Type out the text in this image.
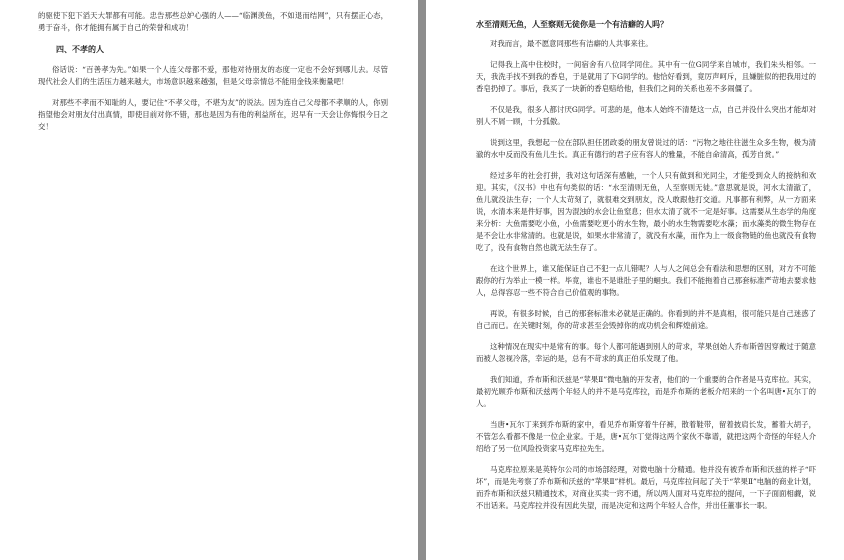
的驱使下犯下滔天大罪都有可能。忠告那些总妒心强的人——“临渊羡鱼，不如退而结网”，只有摆正心态，勇于奋斗，你才能拥有属于自己的荣誉和成功！

四、不孝的人

俗话说：“百善孝为先。”如果一个人连父母都不爱，那他对待朋友的态度一定也不会好到哪儿去。尽管现代社会人们的生活压力越来越大，市场意识越来越强，但是父母亲情总不能用金钱来衡量吧！

对那些不孝而不知耻的人，要记住“不孝父母，不堪为友”的说法。因为连自己父母都不孝顺的人，你别指望他会对朋友付出真情，即使目前对你不错，那也是因为有他的利益所在，迟早有一天会让你悔恨今日之交！

水至清则无鱼，人至察则无徒你是一个有洁癖的人吗？

对我而言，最不愿意同那些有洁癖的人共事来往。

记得我上高中住校时，一间宿舍有八位同学同住。其中有一位G同学来自城市，我们朱头相邻。一天，我洗手找不到我的香皂，于是就用了下G同学的。他恰好看到，竟厉声呵斥，且嫌脏似的把我用过的香皂扔掉了。事后，我买了一块新的香皂赔给他，但我们之间的关系也差不多闹僵了。

不仅是我，很多人都讨厌G同学。可悲的是，他本人始终不清楚这一点，自己并没什么突出才能却对别人不屑一顾，十分孤傲。

说到这里，我想起一位在部队担任团政委的朋友曾说过的话：“污物之地往往滋生众多生物，极为清澈的水中反而没有鱼儿生长。真正有德行的君子应有容人的雅量，不能自命清高，孤芳自赏。”

经过多年的社会打拼，我对这句话深有感触，一个人只有做到和光同尘，才能受到众人的接纳和欢迎。其实，《汉书》中也有句类似的话：“水至清则无鱼，人至察则无徒。”意思就是说，河水太清澈了，鱼儿就没法生存；一个人太苛刻了，就很难交到朋友，没人敢跟他打交道。凡事都有利弊，从一方面来说，水清本来是件好事，因为混浊的水会让鱼窒息；但水太清了就不一定是好事。这需要从生态学的角度来分析：大鱼需要吃小鱼，小鱼需要吃更小的水生物，最小的水生物需要吃水藻；而水藻类的微生物存在是不会让水非常清的。也就是说，如果水非常清了，就没有水藻，而作为上一级食物链的鱼也就没有食物吃了，没有食物自然也就无法生存了。

在这个世界上，谁又能保证自己不犯一点儿错呢？人与人之间总会有看法和思想的区别，对方不可能跟你的行为举止一模一样。毕竟，谁也不是谁肚子里的蛔虫。我们不能拖着自己那套标准严苛地去要求他人，总得容忍一些不符合自己价值观的事物。

再说，有很多时候，自己的那套标准未必就是正确的。你看到的并不是真相，很可能只是自己迷惑了自己而已。在关键时刻，你的苛求甚至会毁掉你的成功机会和辉煌前途。

这种情况在现实中是常有的事。每个人都可能遇到别人的苛求，苹果创始人乔布斯曾因穿戴过于随意而被人忽视冷落，幸运的是，总有不苛求的真正伯乐发现了他。

我们知道，乔布斯和沃兹是“苹果Ⅱ”微电脑的开发者，他们的一个重要的合作者是马克库拉。其实，最初光顾乔布斯和沃兹两个年轻人的并不是马克库拉，而是乔布斯的老板介绍来的一个名叫唐•瓦尔丁的人。

当唐•瓦尔丁来到乔布斯的家中，看见乔布斯穿着牛仔裤，散着鞋带，留着披肩长发，蓄着大胡子，不管怎么看都不像是一位企业家。于是，唐•瓦尔丁觉得这两个家伙不靠谱，就把这两个奇怪的年轻人介绍给了另一位风险投资家马克库拉先生。

马克库拉原来是英特尔公司的市场部经理，对微电脑十分精通。他并没有被乔布斯和沃兹的样子“吓坏”，而是先考察了乔布斯和沃兹的“苹果Ⅱ”样机。最后，马克库拉问起了关于“苹果Ⅱ”电脑的商业计划，而乔布斯和沃兹只精通技术，对商业买卖一窍不通，所以两人面对马克库拉的提问，一下子面面相觑，说不出话来。马克库拉并没有因此失望，而是决定和这两个年轻人合作，并出任董事长一职。
